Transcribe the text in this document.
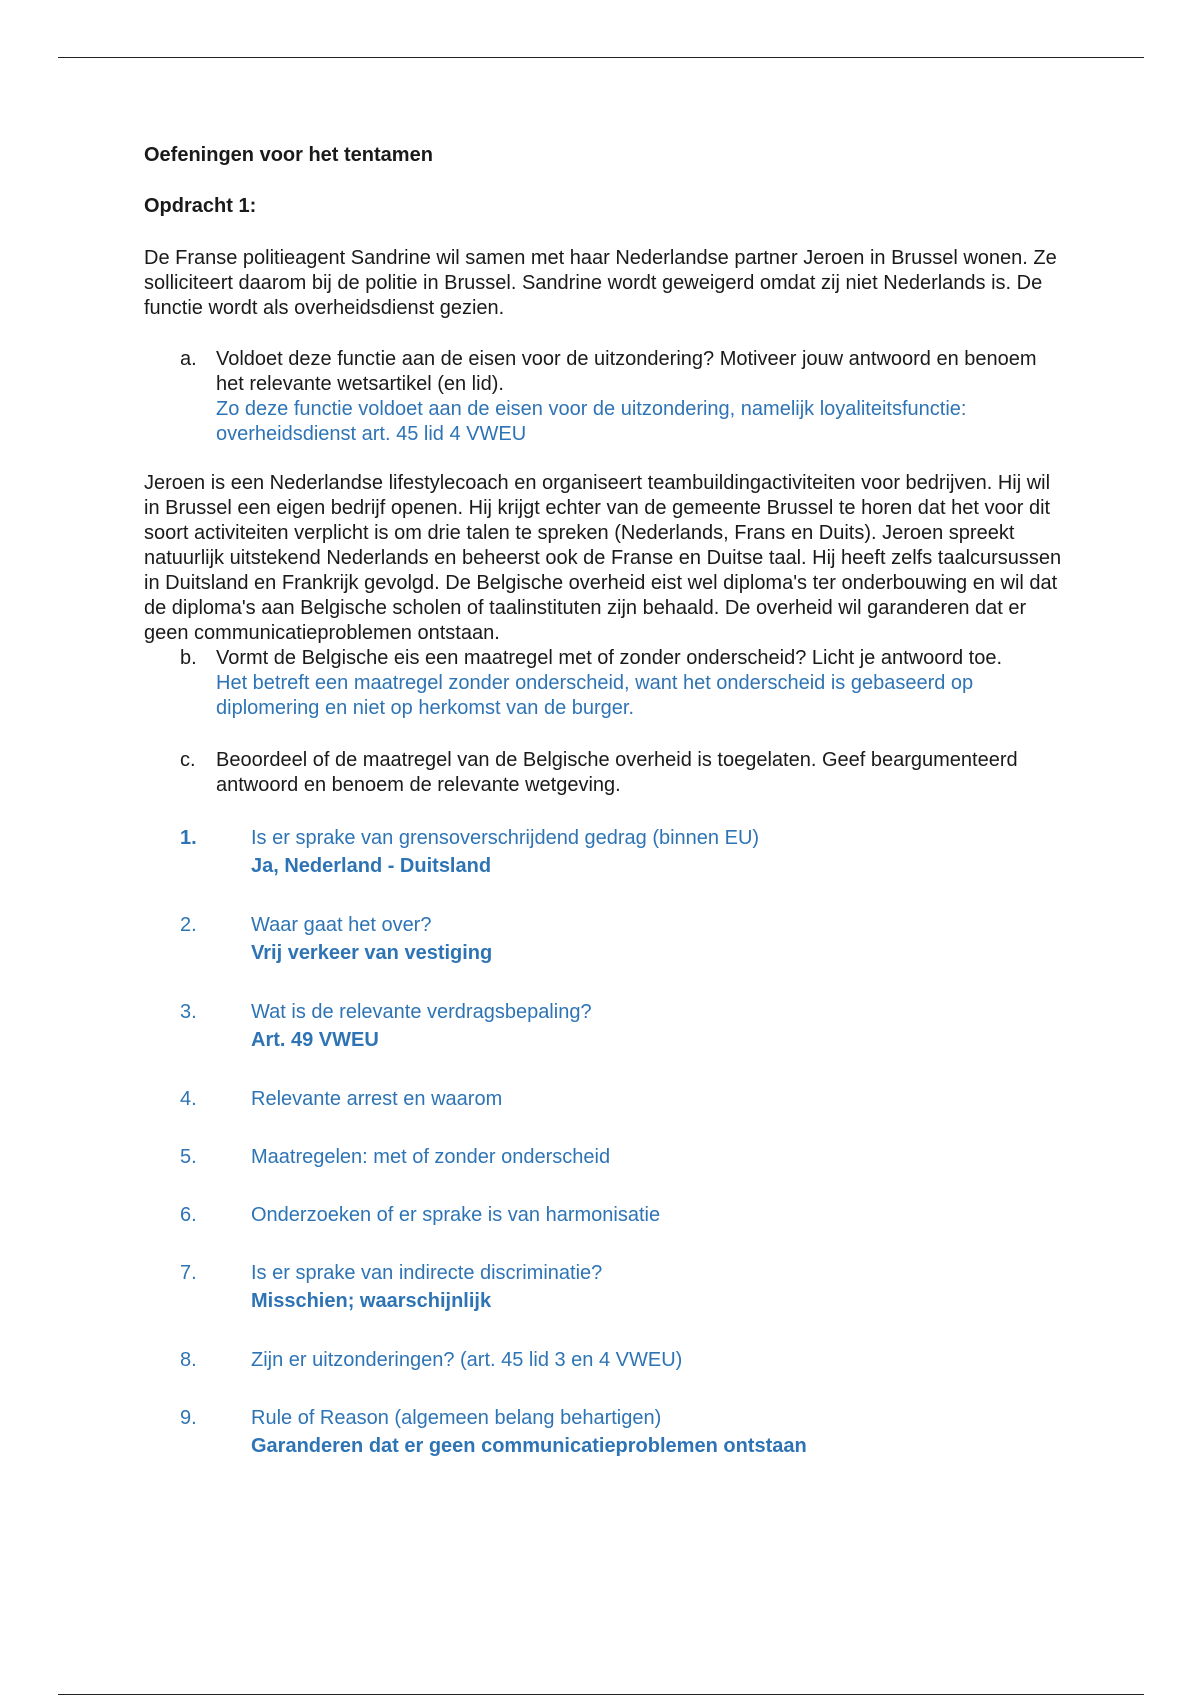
Oefeningen voor het tentamen

Opdracht 1:

De Franse politieagent Sandrine wil samen met haar Nederlandse partner Jeroen in Brussel wonen. Ze solliciteert daarom bij de politie in Brussel. Sandrine wordt geweigerd omdat zij niet Nederlands is. De functie wordt als overheidsdienst gezien.

a. Voldoet deze functie aan de eisen voor de uitzondering? Motiveer jouw antwoord en benoem het relevante wetsartikel (en lid).
Zo deze functie voldoet aan de eisen voor de uitzondering, namelijk loyaliteitsfunctie: overheidsdienst art. 45 lid 4 VWEU

Jeroen is een Nederlandse lifestylecoach en organiseert teambuildingactiviteiten voor bedrijven. Hij wil in Brussel een eigen bedrijf openen. Hij krijgt echter van de gemeente Brussel te horen dat het voor dit soort activiteiten verplicht is om drie talen te spreken (Nederlands, Frans en Duits). Jeroen spreekt natuurlijk uitstekend Nederlands en beheerst ook de Franse en Duitse taal. Hij heeft zelfs taalcursussen in Duitsland en Frankrijk gevolgd. De Belgische overheid eist wel diploma's ter onderbouwing en wil dat de diploma's aan Belgische scholen of taalinstituten zijn behaald. De overheid wil garanderen dat er geen communicatieproblemen ontstaan.

b. Vormt de Belgische eis een maatregel met of zonder onderscheid? Licht je antwoord toe.
Het betreft een maatregel zonder onderscheid, want het onderscheid is gebaseerd op diplomering en niet op herkomst van de burger.
c. Beoordeel of de maatregel van de Belgische overheid is toegelaten. Geef beargumenteerd antwoord en benoem de relevante wetgeving.
1.	Is er sprake van grensoverschrijdend gedrag (binnen EU)
Ja, Nederland - Duitsland
2.	Waar gaat het over?
Vrij verkeer van vestiging
3.	Wat is de relevante verdragsbepaling?
Art. 49 VWEU
4.	Relevante arrest en waarom
5.	Maatregelen: met of zonder onderscheid
6.	Onderzoeken of er sprake is van harmonisatie
7.	Is er sprake van indirecte discriminatie?
Misschien; waarschijnlijk
8.	Zijn er uitzonderingen? (art. 45 lid 3 en 4 VWEU)
9.	Rule of Reason (algemeen belang behartigen)
Garanderen dat er geen communicatieproblemen ontstaan
